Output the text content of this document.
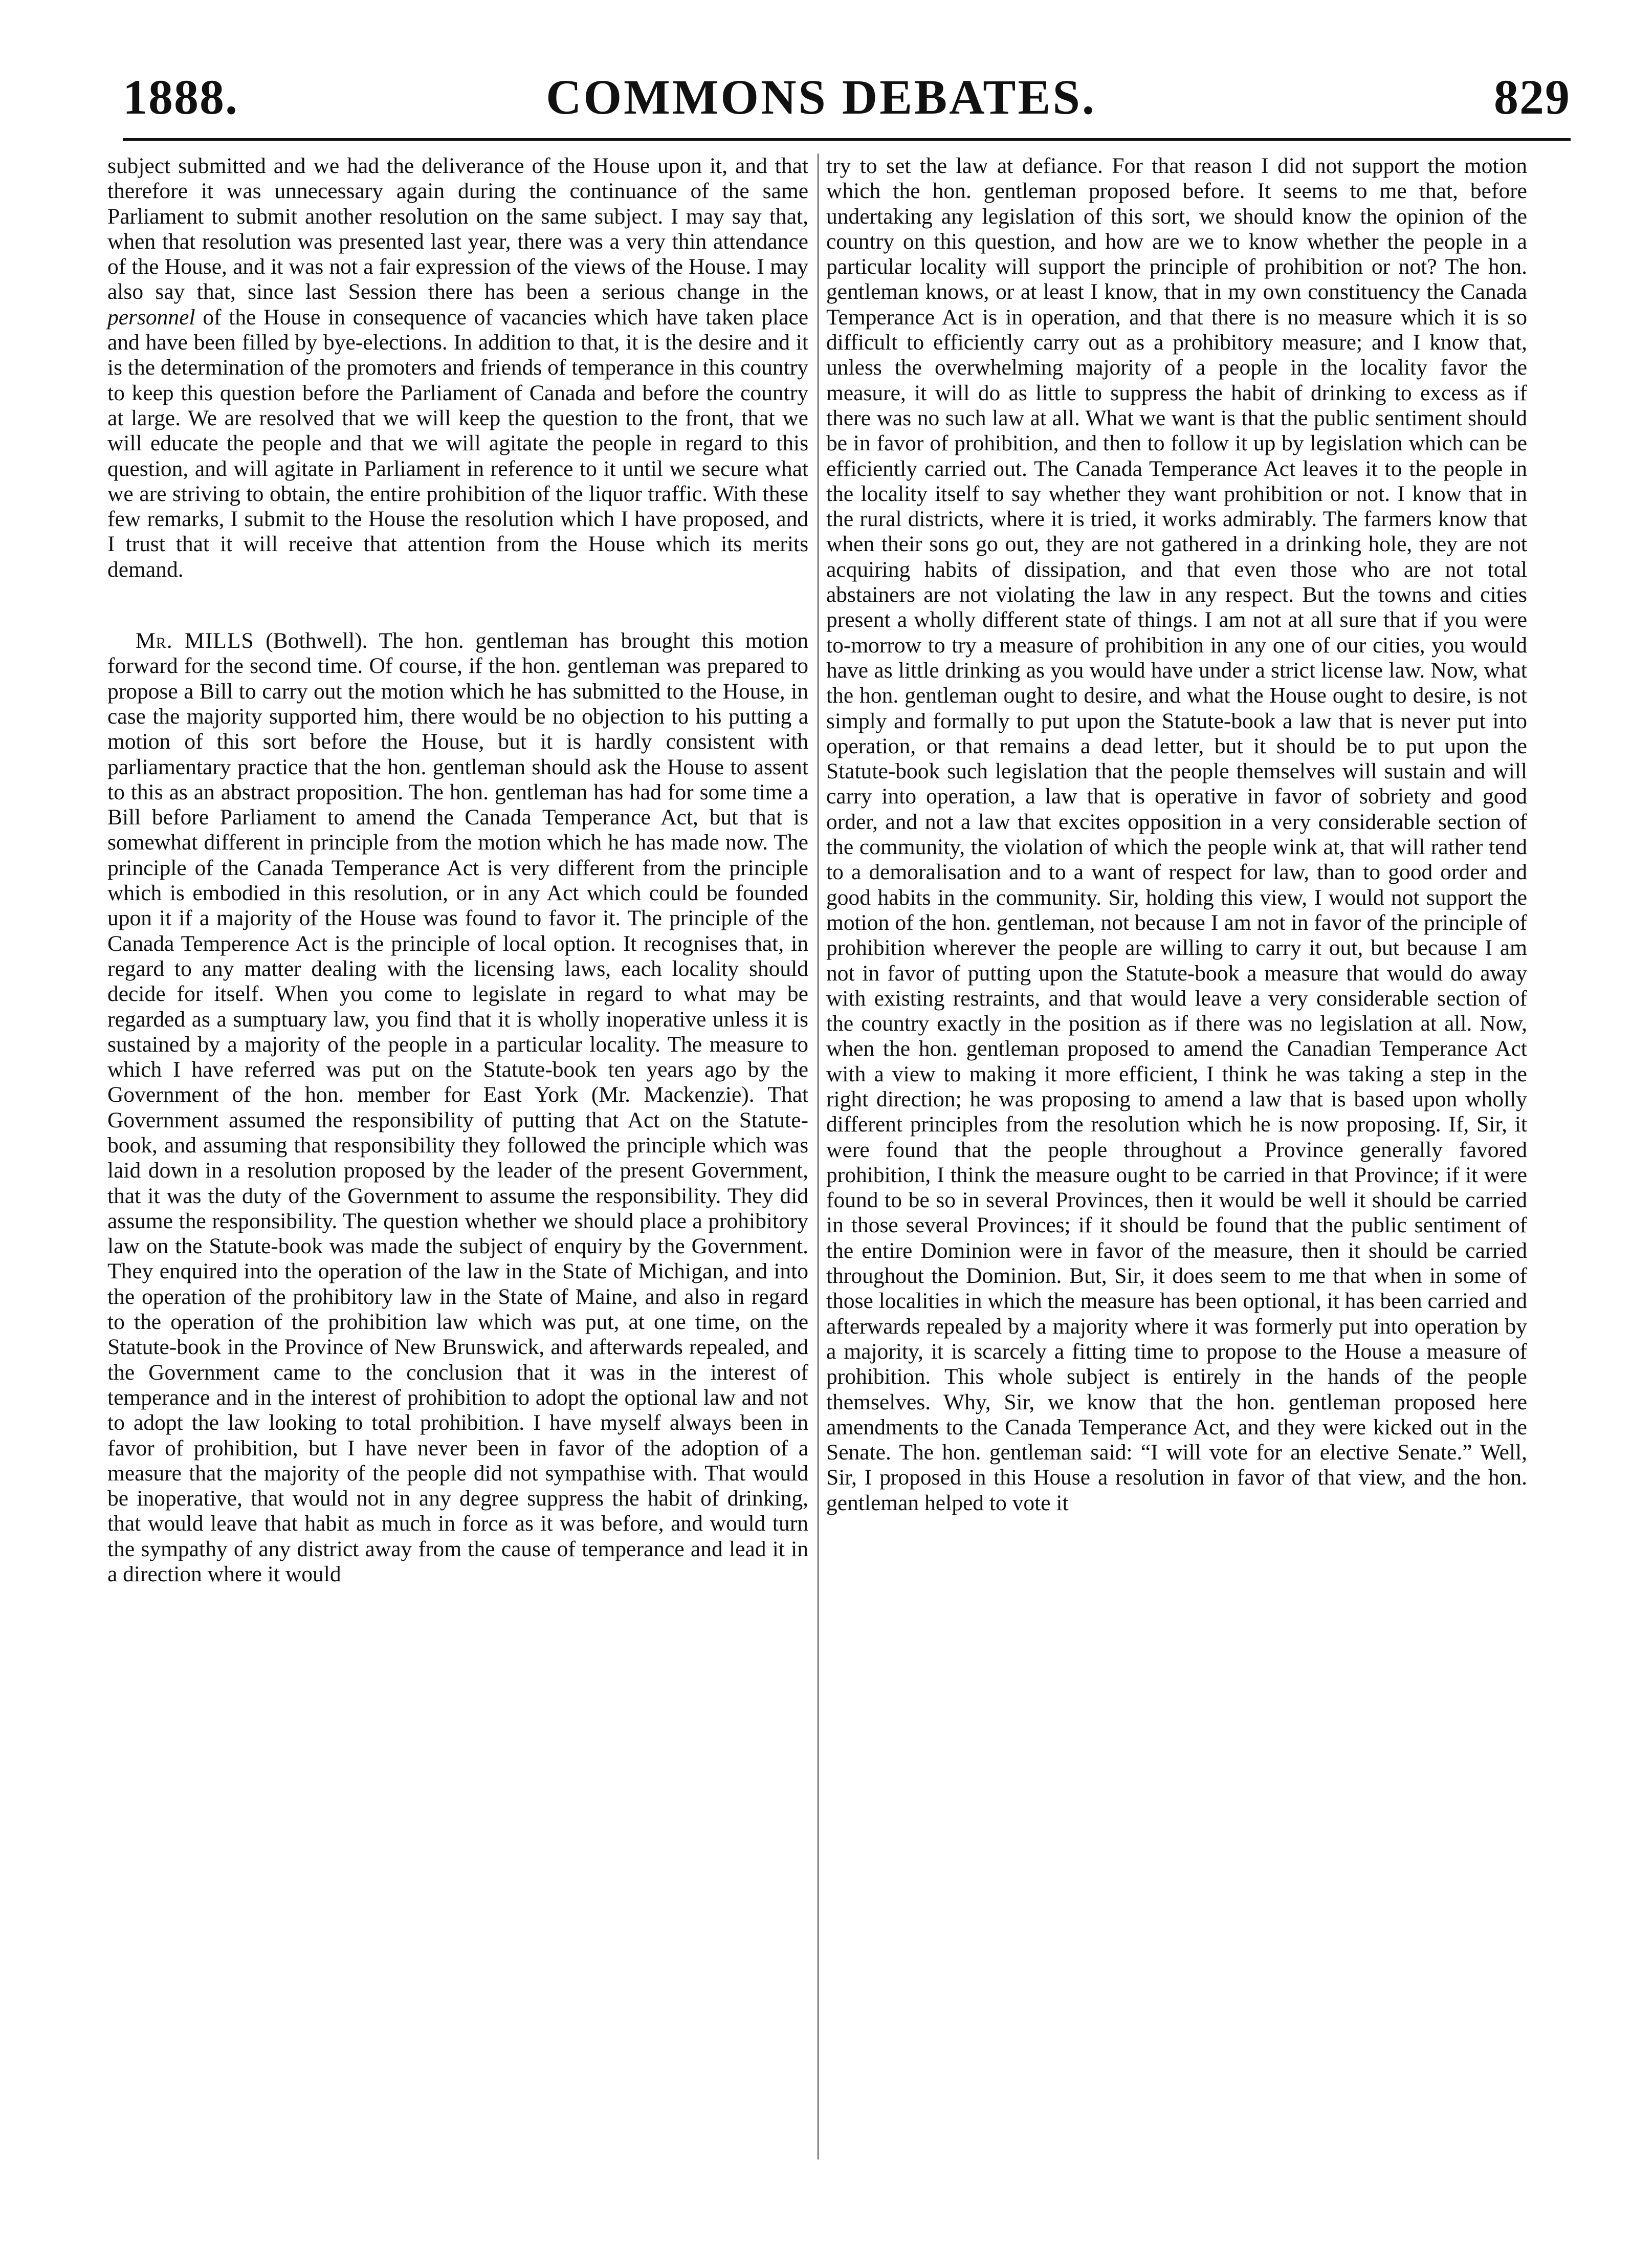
1888.	COMMONS DEBATES.	829

subject submitted and we had the deliverance of the House upon it, and that therefore it was unnecessary again during the continuance of the same Parliament to submit another resolution on the same subject. I may say that, when that resolution was presented last year, there was a very thin attendance of the House, and it was not a fair expression of the views of the House. I may also say that, since last Session there has been a serious change in the personnel of the House in consequence of vacancies which have taken place and have been filled by bye-elections. In addition to that, it is the desire and it is the determination of the promoters and friends of temperance in this country to keep this question before the Parliament of Canada and before the country at large. We are resolved that we will keep the question to the front, that we will educate the people and that we will agitate the people in regard to this question, and will agitate in Parliament in reference to it until we secure what we are striving to obtain, the entire prohibition of the liquor traffic. With these few remarks, I submit to the House the resolution which I have proposed, and I trust that it will receive that attention from the House which its merits demand.

Mr. MILLS (Bothwell). The hon. gentleman has brought this motion forward for the second time. Of course, if the hon. gentleman was prepared to propose a Bill to carry out the motion which he has submitted to the House, in case the majority supported him, there would be no objection to his putting a motion of this sort before the House, but it is hardly consistent with parliamentary practice that the hon. gentleman should ask the House to assent to this as an abstract proposition. The hon. gentleman has had for some time a Bill before Parliament to amend the Canada Temperance Act, but that is somewhat different in principle from the motion which he has made now. The principle of the Canada Temperance Act is very different from the principle which is embodied in this resolution, or in any Act which could be founded upon it if a majority of the House was found to favor it. The principle of the Canada Temperence Act is the principle of local option. It recognises that, in regard to any matter dealing with the licensing laws, each locality should decide for itself. When you come to legislate in regard to what may be regarded as a sumptuary law, you find that it is wholly inoperative unless it is sustained by a majority of the people in a particular locality. The measure to which I have referred was put on the Statute-book ten years ago by the Government of the hon. member for East York (Mr. Mackenzie). That Government assumed the responsibility of putting that Act on the Statute-book, and assuming that responsibility they followed the principle which was laid down in a resolution proposed by the leader of the present Government, that it was the duty of the Government to assume the responsibility. They did assume the responsibility. The question whether we should place a prohibitory law on the Statute-book was made the subject of enquiry by the Government. They enquired into the operation of the law in the State of Michigan, and into the operation of the prohibitory law in the State of Maine, and also in regard to the operation of the prohibition law which was put, at one time, on the Statute-book in the Province of New Brunswick, and afterwards repealed, and the Government came to the conclusion that it was in the interest of temperance and in the interest of prohibition to adopt the optional law and not to adopt the law looking to total prohibition. I have myself always been in favor of prohibition, but I have never been in favor of the adoption of a measure that the majority of the people did not sympathise with. That would be inoperative, that would not in any degree suppress the habit of drinking, that would leave that habit as much in force as it was before, and would turn the sympathy of any district away from the cause of temperance and lead it in a direction where it would

try to set the law at defiance. For that reason I did not support the motion which the hon. gentleman proposed before. It seems to me that, before undertaking any legislation of this sort, we should know the opinion of the country on this question, and how are we to know whether the people in a particular locality will support the principle of prohibition or not? The hon. gentleman knows, or at least I know, that in my own constituency the Canada Temperance Act is in operation, and that there is no measure which it is so difficult to efficiently carry out as a prohibitory measure; and I know that, unless the overwhelming majority of a people in the locality favor the measure, it will do as little to suppress the habit of drinking to excess as if there was no such law at all. What we want is that the public sentiment should be in favor of prohibition, and then to follow it up by legislation which can be efficiently carried out. The Canada Temperance Act leaves it to the people in the locality itself to say whether they want prohibition or not. I know that in the rural districts, where it is tried, it works admirably. The farmers know that when their sons go out, they are not gathered in a drinking hole, they are not acquiring habits of dissipation, and that even those who are not total abstainers are not violating the law in any respect. But the towns and cities present a wholly different state of things. I am not at all sure that if you were to-morrow to try a measure of prohibition in any one of our cities, you would have as little drinking as you would have under a strict license law. Now, what the hon. gentleman ought to desire, and what the House ought to desire, is not simply and formally to put upon the Statute-book a law that is never put into operation, or that remains a dead letter, but it should be to put upon the Statute-book such legislation that the people themselves will sustain and will carry into operation, a law that is operative in favor of sobriety and good order, and not a law that excites opposition in a very considerable section of the community, the violation of which the people wink at, that will rather tend to a demoralisation and to a want of respect for law, than to good order and good habits in the community. Sir, holding this view, I would not support the motion of the hon. gentleman, not because I am not in favor of the principle of prohibition wherever the people are willing to carry it out, but because I am not in favor of putting upon the Statute-book a measure that would do away with existing restraints, and that would leave a very considerable section of the country exactly in the position as if there was no legislation at all. Now, when the hon. gentleman proposed to amend the Canadian Temperance Act with a view to making it more efficient, I think he was taking a step in the right direction; he was proposing to amend a law that is based upon wholly different principles from the resolution which he is now proposing. If, Sir, it were found that the people throughout a Province generally favored prohibition, I think the measure ought to be carried in that Province; if it were found to be so in several Provinces, then it would be well it should be carried in those several Provinces; if it should be found that the public sentiment of the entire Dominion were in favor of the measure, then it should be carried throughout the Dominion. But, Sir, it does seem to me that when in some of those localities in which the measure has been optional, it has been carried and afterwards repealed by a majority where it was formerly put into operation by a majority, it is scarcely a fitting time to propose to the House a measure of prohibition. This whole subject is entirely in the hands of the people themselves. Why, Sir, we know that the hon. gentleman proposed here amendments to the Canada Temperance Act, and they were kicked out in the Senate. The hon. gentleman said: “I will vote for an elective Senate.” Well, Sir, I proposed in this House a resolution in favor of that view, and the hon. gentleman helped to vote it
